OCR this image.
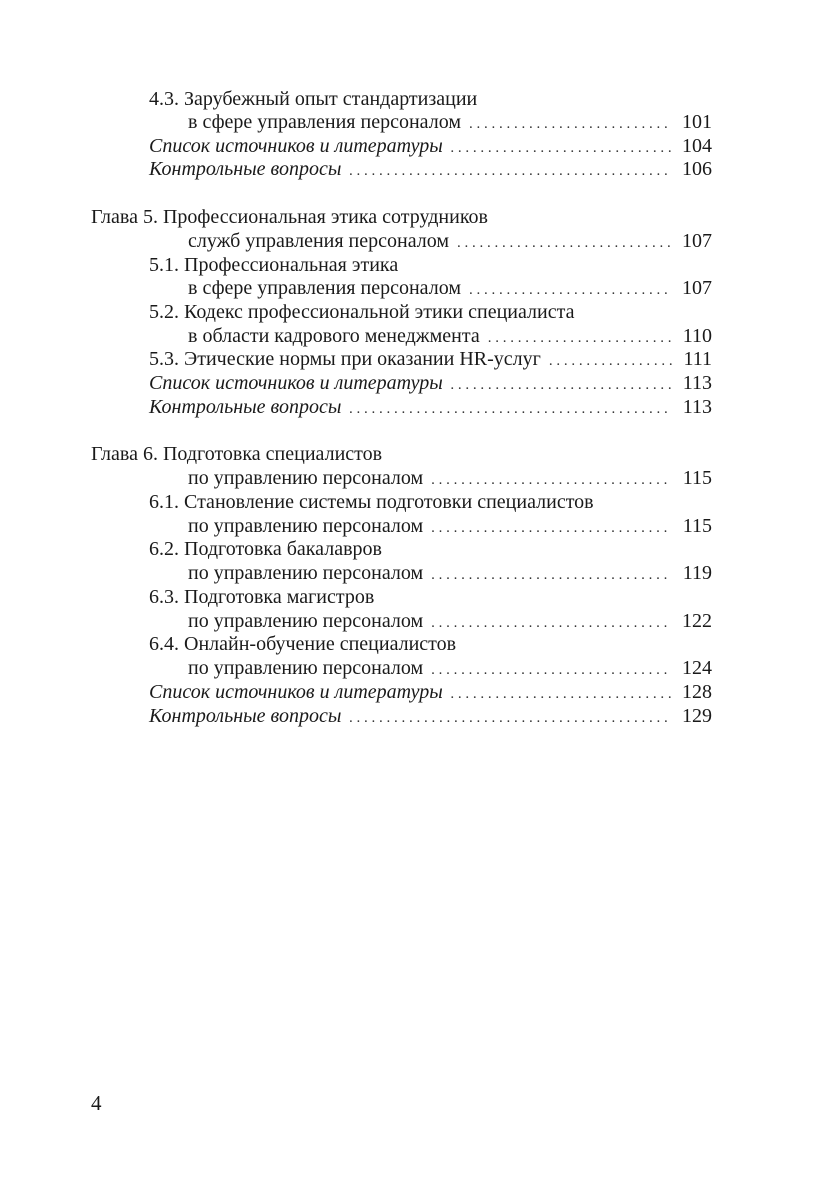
4.3. Зарубежный опыт стандартизации
в сфере управления персоналом . . .	101
Список источников и литературы . . .	104
Контрольные вопросы . . .	106
Глава 5. Профессиональная этика сотрудников
служб управления персоналом . . .	107
5.1. Профессиональная этика
в сфере управления персоналом . . .	107
5.2. Кодекс профессиональной этики специалиста
в области кадрового менеджмента . . .	110
5.3. Этические нормы при оказании HR-услуг . . .	111
Список источников и литературы . . .	113
Контрольные вопросы . . .	113
Глава 6. Подготовка специалистов
по управлению персоналом . . .	115
6.1. Становление системы подготовки специалистов
по управлению персоналом . . .	115
6.2. Подготовка бакалавров
по управлению персоналом . . .	119
6.3. Подготовка магистров
по управлению персоналом . . .	122
6.4. Онлайн-обучение специалистов
по управлению персоналом . . .	124
Список источников и литературы . . .	128
Контрольные вопросы . . .	129
4
